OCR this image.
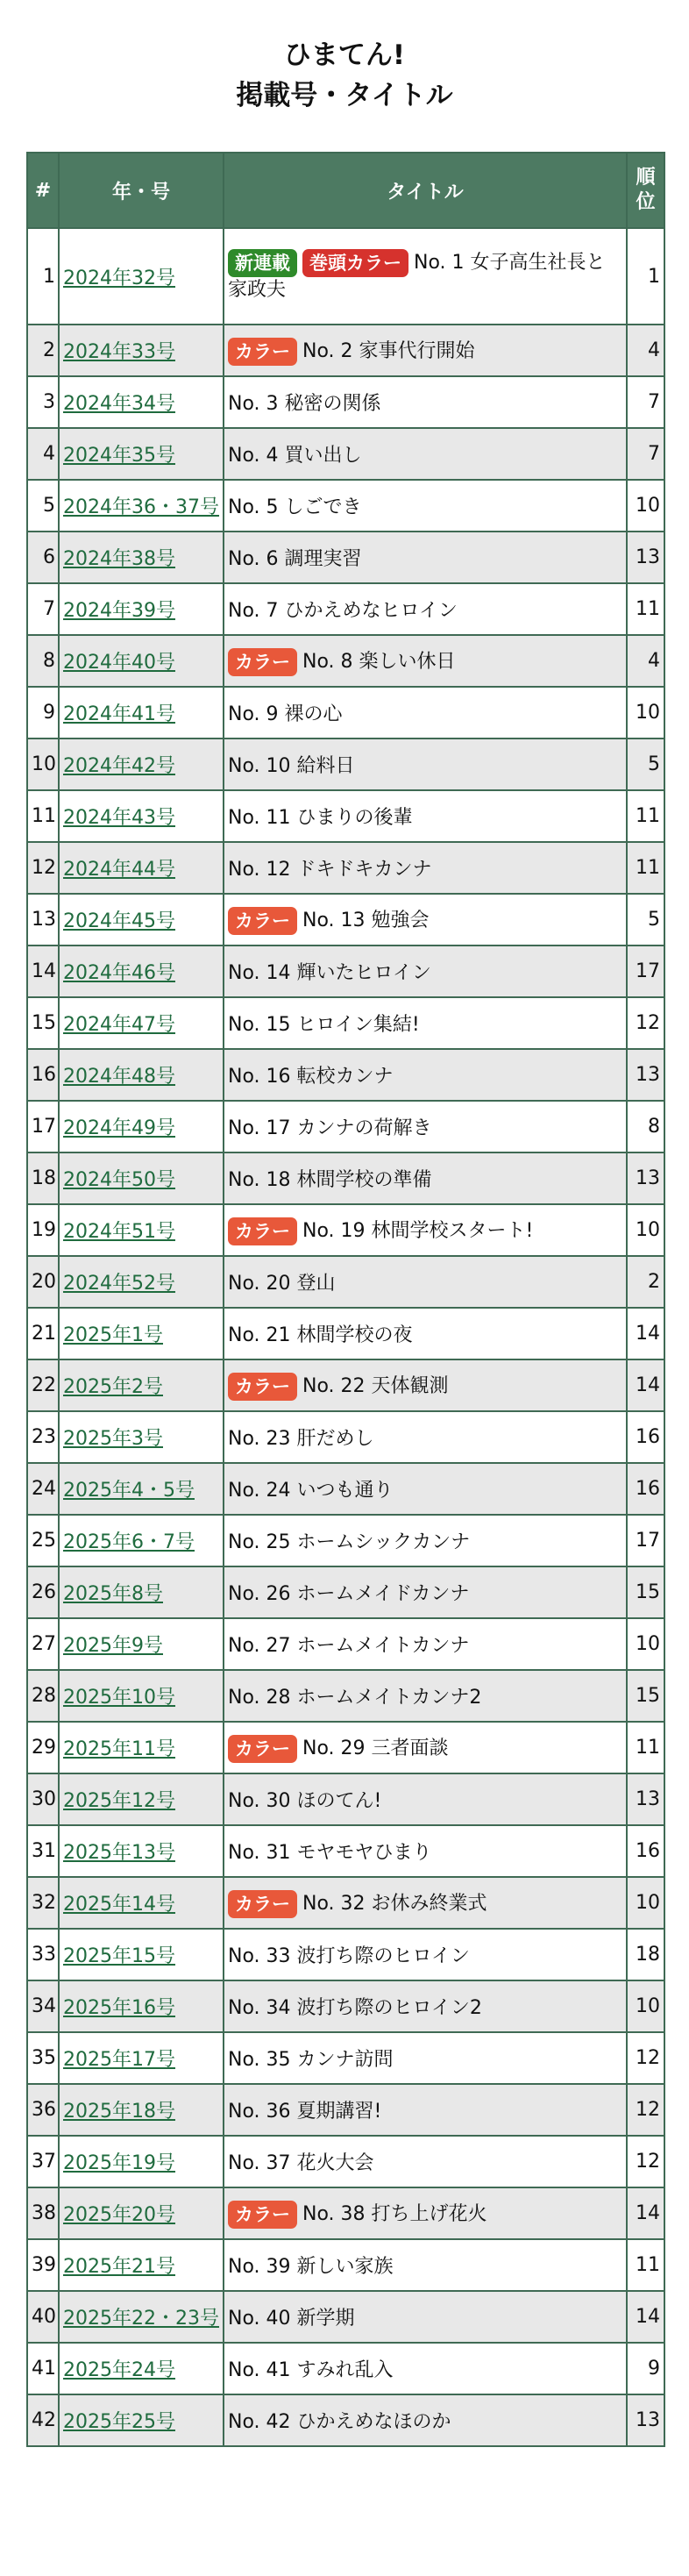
ひまてん!
掲載号・タイトル
#	年・号	タイトル	順位
1	2024年32号	新連載 巻頭カラー No. 1 女子高生社長と家政夫	1
2	2024年33号	カラー No. 2 家事代行開始	4
3	2024年34号	No. 3 秘密の関係	7
4	2024年35号	No. 4 買い出し	7
5	2024年36・37号	No. 5 しごでき	10
6	2024年38号	No. 6 調理実習	13
7	2024年39号	No. 7 ひかえめなヒロイン	11
8	2024年40号	カラー No. 8 楽しい休日	4
9	2024年41号	No. 9 裸の心	10
10	2024年42号	No. 10 給料日	5
11	2024年43号	No. 11 ひまりの後輩	11
12	2024年44号	No. 12 ドキドキカンナ	11
13	2024年45号	カラー No. 13 勉強会	5
14	2024年46号	No. 14 輝いたヒロイン	17
15	2024年47号	No. 15 ヒロイン集結!	12
16	2024年48号	No. 16 転校カンナ	13
17	2024年49号	No. 17 カンナの荷解き	8
18	2024年50号	No. 18 林間学校の準備	13
19	2024年51号	カラー No. 19 林間学校スタート!	10
20	2024年52号	No. 20 登山	2
21	2025年1号	No. 21 林間学校の夜	14
22	2025年2号	カラー No. 22 天体観測	14
23	2025年3号	No. 23 肝だめし	16
24	2025年4・5号	No. 24 いつも通り	16
25	2025年6・7号	No. 25 ホームシックカンナ	17
26	2025年8号	No. 26 ホームメイドカンナ	15
27	2025年9号	No. 27 ホームメイトカンナ	10
28	2025年10号	No. 28 ホームメイトカンナ2	15
29	2025年11号	カラー No. 29 三者面談	11
30	2025年12号	No. 30 ほのてん!	13
31	2025年13号	No. 31 モヤモヤひまり	16
32	2025年14号	カラー No. 32 お休み終業式	10
33	2025年15号	No. 33 波打ち際のヒロイン	18
34	2025年16号	No. 34 波打ち際のヒロイン2	10
35	2025年17号	No. 35 カンナ訪問	12
36	2025年18号	No. 36 夏期講習!	12
37	2025年19号	No. 37 花火大会	12
38	2025年20号	カラー No. 38 打ち上げ花火	14
39	2025年21号	No. 39 新しい家族	11
40	2025年22・23号	No. 40 新学期	14
41	2025年24号	No. 41 すみれ乱入	9
42	2025年25号	No. 42 ひかえめなほのか	13
